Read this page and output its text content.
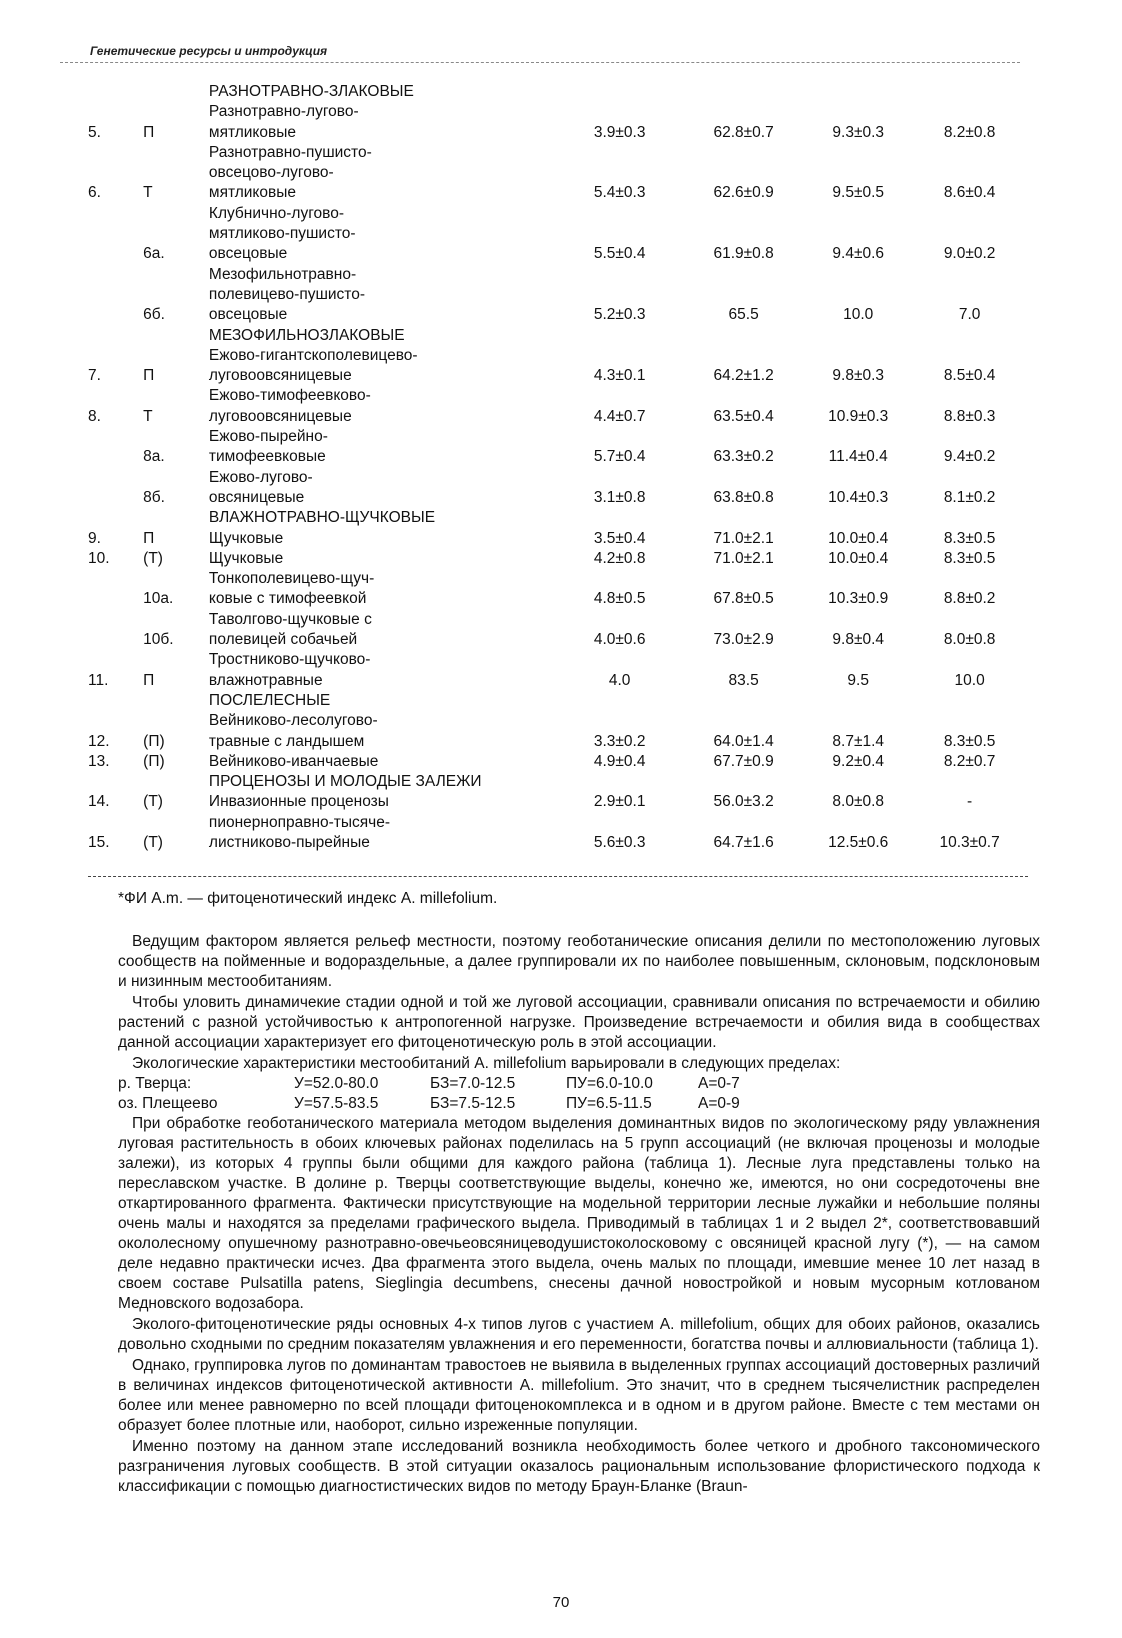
Генетические ресурсы и интродукция
		РАЗНОТРАВНО-ЗЛАКОВЫЕ				
5.	П	Разнотравно-лугово-
мятликовые	3.9±0.3	62.8±0.7	9.3±0.3	8.2±0.8
6.	Т	Разнотравно-пушисто-
овсецово-лугово-
мятликовые	5.4±0.3	62.6±0.9	9.5±0.5	8.6±0.4
	6а.	Клубнично-лугово-
мятликово-пушисто-
овсецовые	5.5±0.4	61.9±0.8	9.4±0.6	9.0±0.2
	6б.	Мезофильнотравно-
полевицево-пушисто-
овсецовые	5.2±0.3	65.5	10.0	7.0
		МЕЗОФИЛЬНОЗЛАКОВЫЕ				
7.	П	Ежово-гигантскополевицево-
луговоовсяницевые	4.3±0.1	64.2±1.2	9.8±0.3	8.5±0.4
8.	Т	Ежово-тимофеевково-
луговоовсяницевые	4.4±0.7	63.5±0.4	10.9±0.3	8.8±0.3
	8а.	Ежово-пырейно-
тимофеевковые	5.7±0.4	63.3±0.2	11.4±0.4	9.4±0.2
	8б.	Ежово-лугово-
овсяницевые	3.1±0.8	63.8±0.8	10.4±0.3	8.1±0.2
		ВЛАЖНОТРАВНО-ЩУЧКОВЫЕ				
9.	П	Щучковые	3.5±0.4	71.0±2.1	10.0±0.4	8.3±0.5
10.	(Т)	Щучковые	4.2±0.8	71.0±2.1	10.0±0.4	8.3±0.5
	10а.	Тонкополевицево-щуч-
ковые с тимофеевкой	4.8±0.5	67.8±0.5	10.3±0.9	8.8±0.2
	10б.	Таволгово-щучковые с
полевицей собачьей	4.0±0.6	73.0±2.9	9.8±0.4	8.0±0.8
11.	П	Тростниково-щучково-
влажнотравные	4.0	83.5	9.5	10.0
		ПОСЛЕЛЕСНЫЕ				
12.	(П)	Вейниково-лесолугово-
травные с ландышем	3.3±0.2	64.0±1.4	8.7±1.4	8.3±0.5
13.	(П)	Вейниково-иванчаевые	4.9±0.4	67.7±0.9	9.2±0.4	8.2±0.7
		ПРОЦЕНОЗЫ И МОЛОДЫЕ ЗАЛЕЖИ				
14.	(Т)	Инвазионные проценозы	2.9±0.1	56.0±3.2	8.0±0.8	-
15.	(Т)	пионерноправно-тысяче-
листниково-пырейные	5.6±0.3	64.7±1.6	12.5±0.6	10.3±0.7
*ФИ A.m. — фитоценотический индекс A. millefolium.

Ведущим фактором является рельеф местности, поэтому геоботанические описания делили по местоположению луговых сообществ на пойменные и водораздельные, а далее группировали их по наиболее повышенным, склоновым, подсклоновым и низинным местообитаниям.

Чтобы уловить динамичекие стадии одной и той же луговой ассоциации, сравнивали описания по встречаемости и обилию растений с разной устойчивостью к антропогенной нагрузке. Произведение встречаемости и обилия вида в сообществах данной ассоциации характеризует его фитоценотическую роль в этой ассоциации.

Экологические характеристики местообитаний A. millefolium варьировали в следующих пределах:

р. Тверца:	У=52.0-80.0	БЗ=7.0-12.5	ПУ=6.0-10.0	А=0-7
оз. Плещеево	У=57.5-83.5	БЗ=7.5-12.5	ПУ=6.5-11.5	А=0-9

При обработке геоботанического материала методом выделения доминантных видов по экологическому ряду увлажнения луговая растительность в обоих ключевых районах поделилась на 5 групп ассоциаций (не включая проценозы и молодые залежи), из которых 4 группы были общими для каждого района (таблица 1). Лесные луга представлены только на переславском участке. В долине р. Тверцы соответствующие выделы, конечно же, имеются, но они сосредоточены вне откартированного фрагмента. Фактически присутствующие на модельной территории лесные лужайки и небольшие поляны очень малы и находятся за пределами графического выдела. Приводимый в таблицах 1 и 2 выдел 2*, соответствовавший окололесному опушечному разнотравно-овечьеовсяницеводушистоколосковому с овсяницей красной лугу (*), — на самом деле недавно практически исчез. Два фрагмента этого выдела, очень малых по площади, имевшие менее 10 лет назад в своем составе Pulsatilla patens, Sieglingia decumbens, снесены дачной новостройкой и новым мусорным котлованом Медновского водозабора.

Эколого-фитоценотические ряды основных 4-х типов лугов с участием A. millefolium, общих для обоих районов, оказались довольно сходными по средним показателям увлажнения и его переменности, богатства почвы и аллювиальности (таблица 1).

Однако, группировка лугов по доминантам травостоев не выявила в выделенных группах ассоциаций достоверных различий в величинах индексов фитоценотической активности A. millefolium. Это значит, что в среднем тысячелистник распределен более или менее равномерно по всей площади фитоценокомплекса и в одном и в другом районе. Вместе с тем местами он образует более плотные или, наоборот, сильно изреженные популяции.

Именно поэтому на данном этапе исследований возникла необходимость более четкого и дробного таксономического разграничения луговых сообществ. В этой ситуации оказалось рациональным использование флористического подхода к классификации с помощью диагностистических видов по методу Браун-Бланке (Braun-

70
